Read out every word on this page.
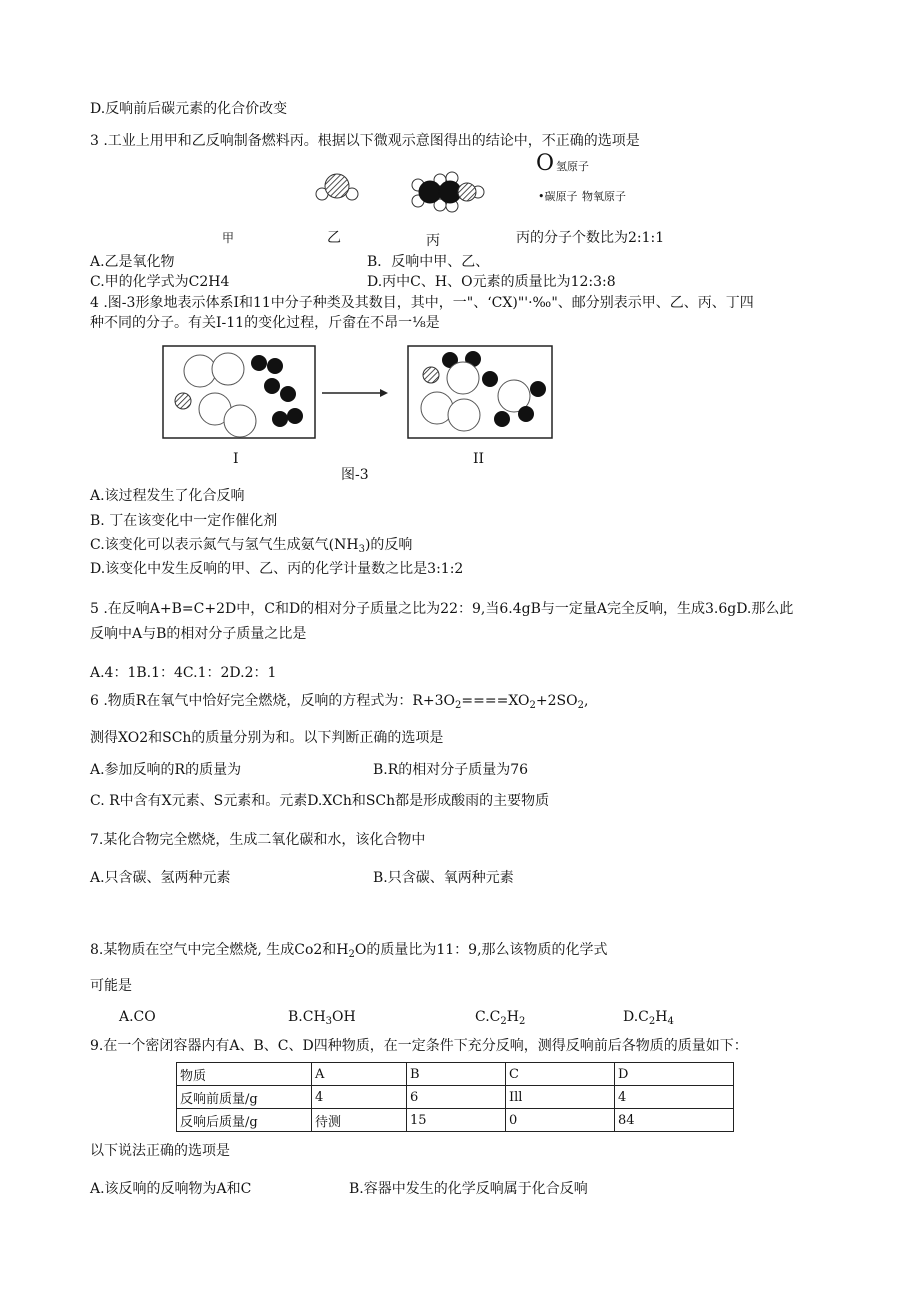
D.反响前后碳元素的化合价改变
3 .工业上用甲和乙反响制备燃料丙。根据以下微观示意图得出的结论中，不正确的选项是
O 氢原子
•碳原子 物氧原子
甲	乙	丙	丙的分子个数比为2:1:1
A.乙是氧化物	B．反响中甲、乙、
C.甲的化学式为C2H4	D.丙中C、H、O元素的质量比为12:3:8
4 .图-3形象地表示体系I和11中分子种类及其数目，其中，一"、‘CX)"'·‰"、邮分别表示甲、乙、丙、丁四
种不同的分子。有关I-11的变化过程，斤畲在不昂一⅛是
I	II
图-3
A.该过程发生了化合反响
B. 丁在该变化中一定作催化剂
C.该变化可以表示氮气与氢气生成氨气$(NH_3)$的反响
D.该变化中发生反响的甲、乙、丙的化学计量数之比是3:1:2
5 .在反响A+B=C+2D中，C和D的相对分子质量之比为22：9,当6.4gB与一定量A完全反响，生成3.6gD.那么此
反响中A与B的相对分子质量之比是
A.4：1B.1：4C.1：2D.2：1
6 .物质R在氧气中恰好完全燃烧，反响的方程式为：$R+3O_2====XO_2+2SO_2$,
测得XO2和SCh的质量分别为和。以下判断正确的选项是
A.参加反响的R的质量为	B.R的相对分子质量为76
C. R中含有X元素、S元素和。元素D.XCh和SCh都是形成酸雨的主要物质
7.某化合物完全燃烧，生成二氧化碳和水，该化合物中
A.只含碳、氢两种元素	B.只含碳、氧两种元素
8.某物质在空气中完全燃烧, 生成Co2和$H_2O$的质量比为11：9,那么该物质的化学式
可能是
A.CO	$B.CH_3OH$	$C.C_2H_2$	$D.C_2H_4$
9.在一个密闭容器内有A、B、C、D四种物质，在一定条件下充分反响，测得反响前后各物质的质量如下：
物质	A	B	C	D
反响前质量/g	4	6	Ill	4
反响后质量/g	待测	15	0	84
以下说法正确的选项是
A.该反响的反响物为A和C	B.容器中发生的化学反响属于化合反响
